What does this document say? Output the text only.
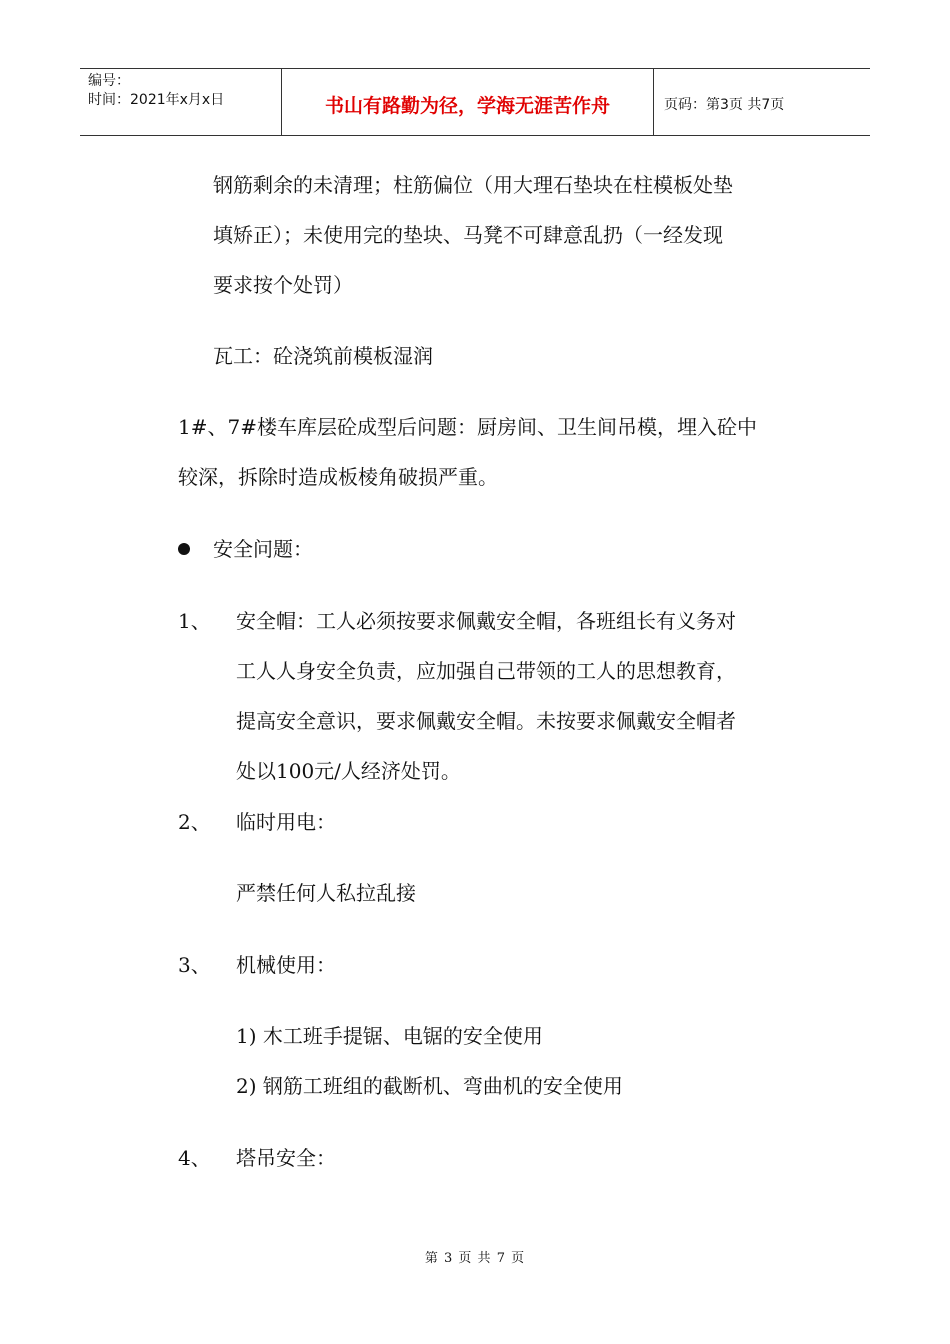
编号：
时间：2021年x月x日	书山有路勤为径，学海无涯苦作舟	页码：第3页 共7页
钢筋剩余的未清理；柱筋偏位（用大理石垫块在柱模板处垫
填矫正）；未使用完的垫块、马凳不可肆意乱扔（一经发现
要求按个处罚）
瓦工：砼浇筑前模板湿润
1#、7#楼车库层砼成型后问题：厨房间、卫生间吊模，埋入砼中
较深，拆除时造成板棱角破损严重。
安全问题：
1、 安全帽：工人必须按要求佩戴安全帽，各班组长有义务对
工人人身安全负责，应加强自己带领的工人的思想教育，
提高安全意识，要求佩戴安全帽。未按要求佩戴安全帽者
处以100元/人经济处罚。
2、 临时用电：
严禁任何人私拉乱接
3、 机械使用：
1) 木工班手提锯、电锯的安全使用
2) 钢筋工班组的截断机、弯曲机的安全使用
4、 塔吊安全：
第 3 页 共 7 页
